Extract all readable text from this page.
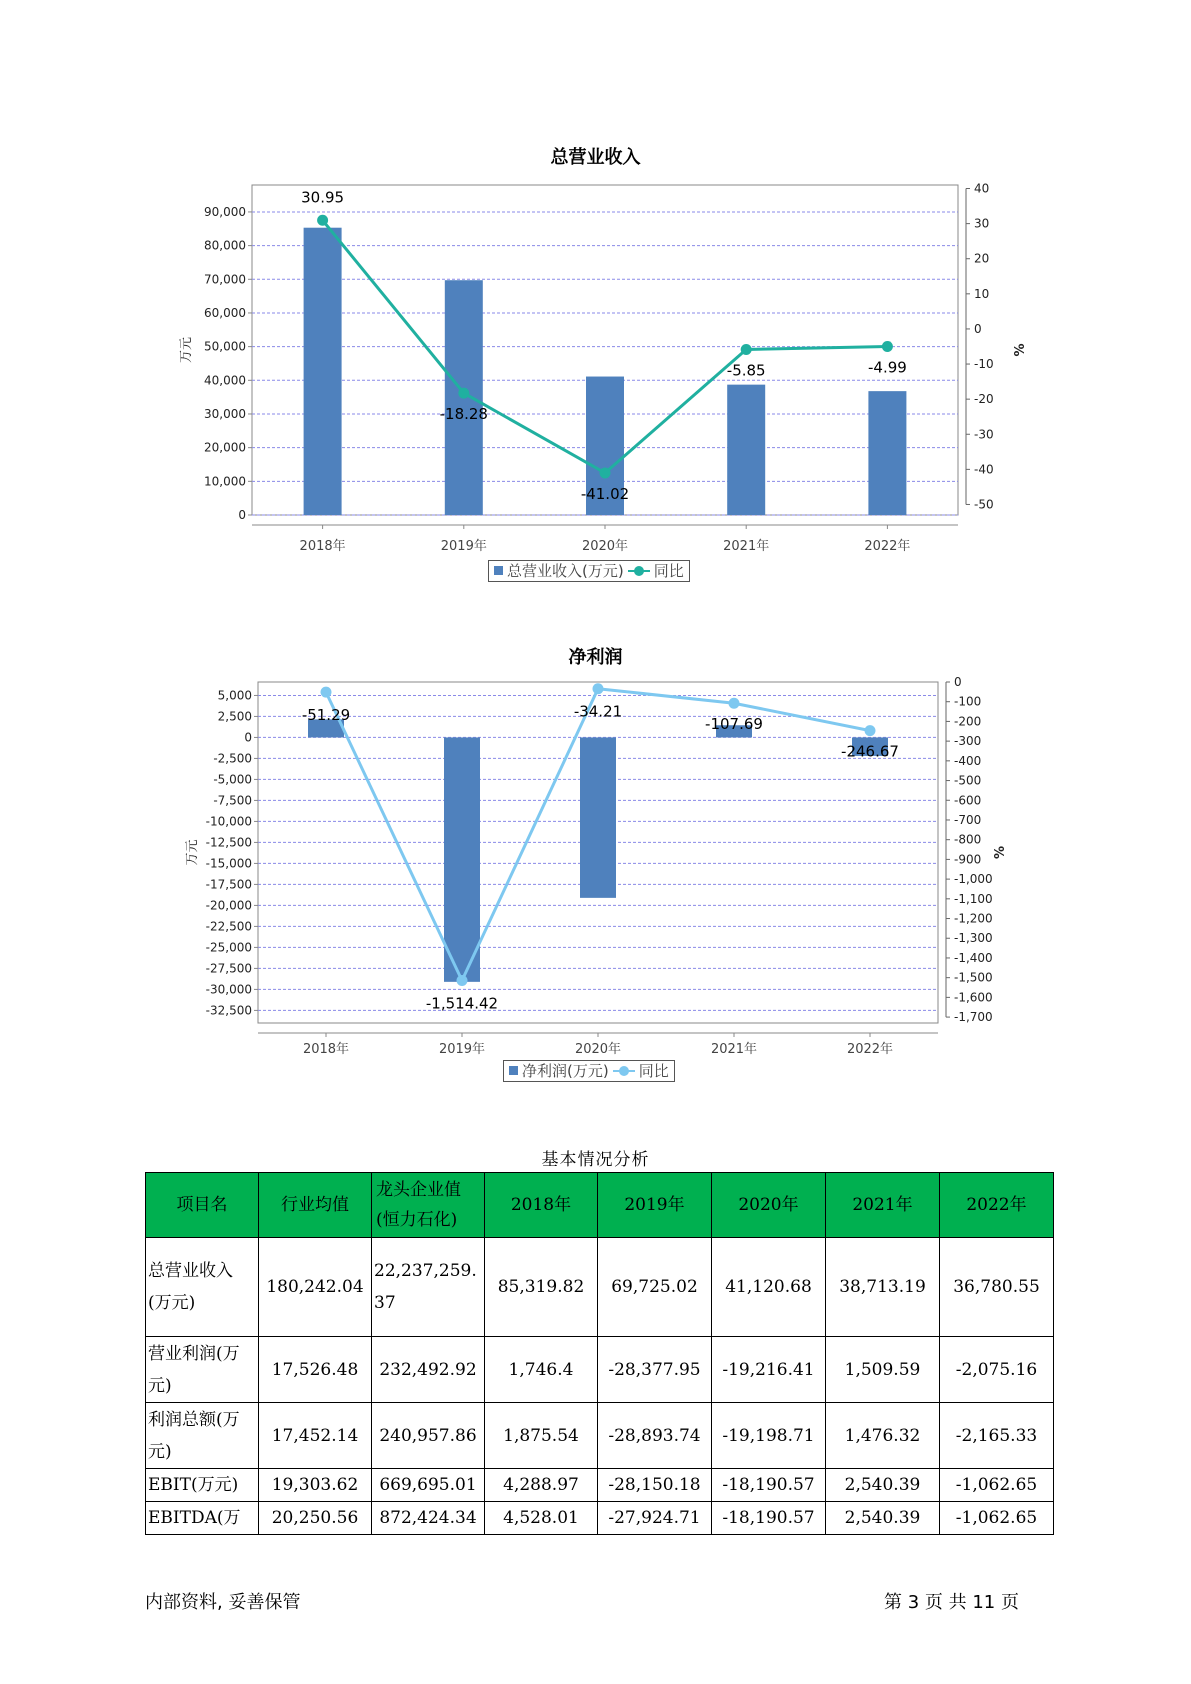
总营业收入
0
10,000
20,000
30,000
40,000
50,000
60,000
70,000
80,000
90,000
40
30
20
10
0
-10
-20
-30
-40
-50
万元	%
2018年	2019年	2020年	2021年	2022年
30.95
-18.28
-41.02
-5.85	-4.99
总营业收入(万元) 同比
净利润
5,000
2,500
0
-2,500
-5,000
-7,500
-10,000
-12,500
-15,000
-17,500
-20,000
-22,500
-25,000
-27,500
-30,000
-32,500
0
-100
-200
-300
-400
-500
-600
-700
-800
-900
-1,000
-1,100
-1,200
-1,300
-1,400
-1,500
-1,600
-1,700
万元	%
2018年	2019年	2020年	2021年	2022年
-51.29
-1,514.42
-34.21
-107.69
-246.67
净利润(万元) 同比
基本情况分析
项目名	行业均值	龙头企业值(恒力石化)	2018年	2019年	2020年	2021年	2022年
总营业收入(万元)	180,242.04	22,237,259.37	85,319.82	69,725.02	41,120.68	38,713.19	36,780.55
营业利润(万元)	17,526.48	232,492.92	1,746.4	-28,377.95	-19,216.41	1,509.59	-2,075.16
利润总额(万元)	17,452.14	240,957.86	1,875.54	-28,893.74	-19,198.71	1,476.32	-2,165.33
EBIT(万元)	19,303.62	669,695.01	4,288.97	-28,150.18	-18,190.57	2,540.39	-1,062.65
EBITDA(万	20,250.56	872,424.34	4,528.01	-27,924.71	-18,190.57	2,540.39	-1,062.65
内部资料, 妥善保管	第 3 页 共 11 页
